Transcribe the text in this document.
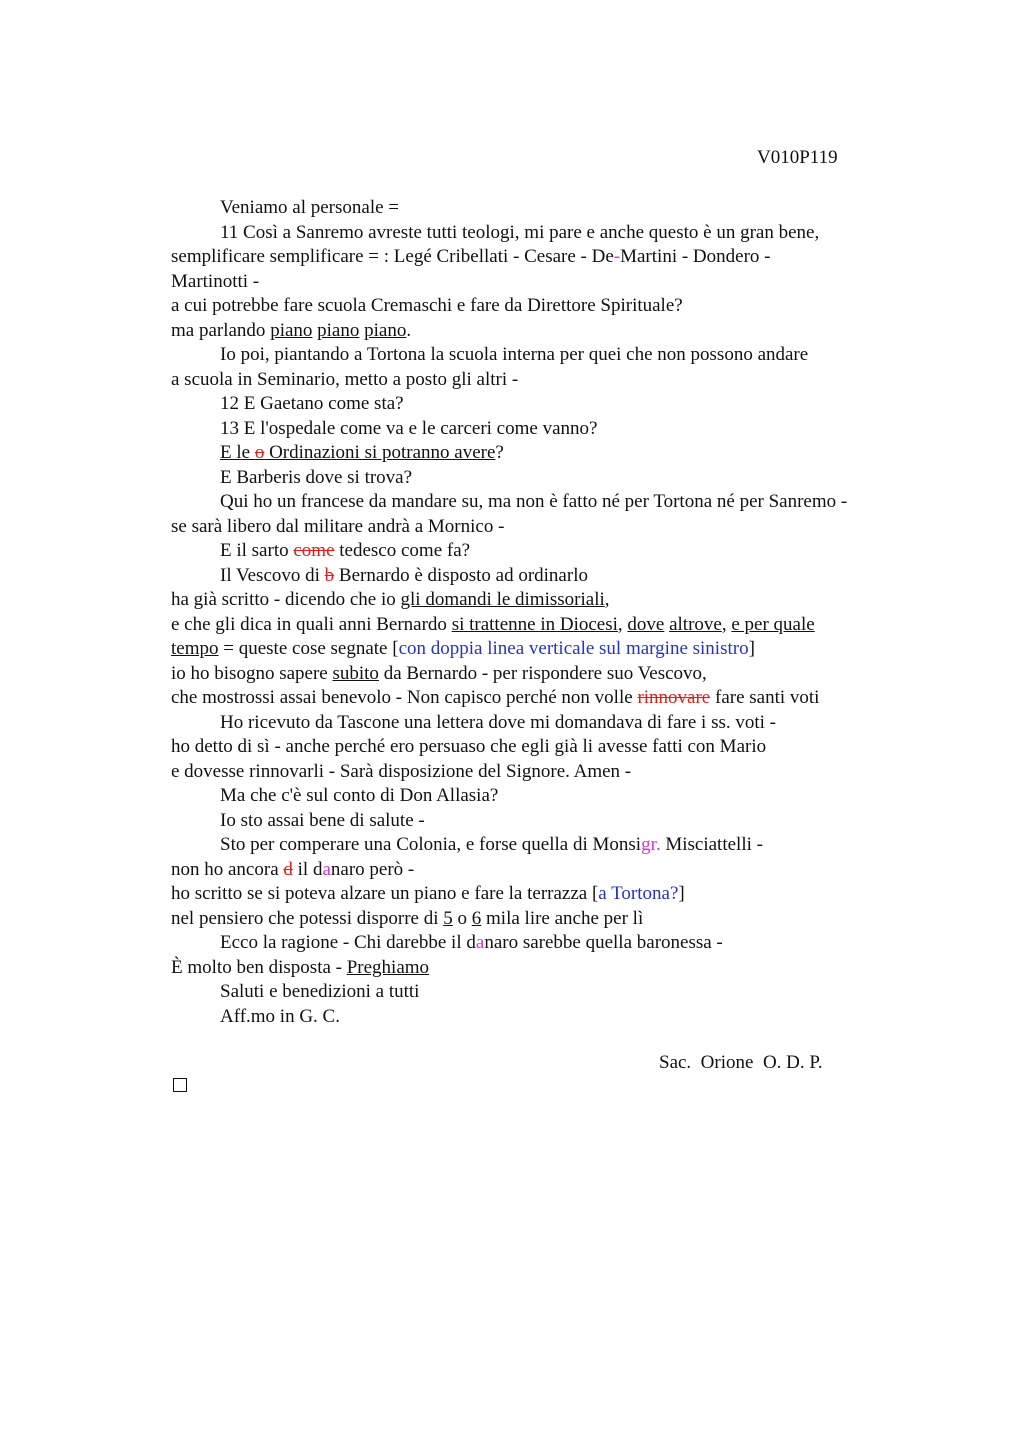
V010P119
Veniamo al personale =
11 Così a Sanremo avreste tutti teologi, mi pare e anche questo è un gran bene,
semplificare semplificare = : Legé Cribellati - Cesare - De-Martini - Dondero -
Martinotti -
a cui potrebbe fare scuola Cremaschi e fare da Direttore Spirituale?
ma parlando piano piano piano.
Io poi, piantando a Tortona la scuola interna per quei che non possono andare
a scuola in Seminario, metto a posto gli altri -
12 E Gaetano come sta?
13 E l'ospedale come va e le carceri come vanno?
E le o Ordinazioni si potranno avere?
E Barberis dove si trova?
Qui ho un francese da mandare su, ma non è fatto né per Tortona né per Sanremo -
se sarà libero dal militare andrà a Mornico -
E il sarto come tedesco come fa?
Il Vescovo di b Bernardo è disposto ad ordinarlo
ha già scritto - dicendo che io gli domandi le dimissoriali,
e che gli dica in quali anni Bernardo si trattenne in Diocesi, dove altrove, e per quale
tempo = queste cose segnate [con doppia linea verticale sul margine sinistro]
io ho bisogno sapere subito da Bernardo - per rispondere suo Vescovo,
che mostrossi assai benevolo - Non capisco perché non volle rinnovare fare santi voti
Ho ricevuto da Tascone una lettera dove mi domandava di fare i ss. voti -
ho detto di sì - anche perché ero persuaso che egli già li avesse fatti con Mario
e dovesse rinnovarli - Sarà disposizione del Signore. Amen -
Ma che c'è sul conto di Don Allasia?
Io sto assai bene di salute -
Sto per comperare una Colonia, e forse quella di Monsigr. Misciattelli -
non ho ancora d il danaro però -
ho scritto se si poteva alzare un piano e fare la terrazza [a Tortona?]
nel pensiero che potessi disporre di 5 o 6 mila lire anche per lì
Ecco la ragione - Chi darebbe il danaro sarebbe quella baronessa -
È molto ben disposta - Preghiamo
Saluti e benedizioni a tutti
Aff.mo in G. C.
Sac.  Orione  O. D. P.
